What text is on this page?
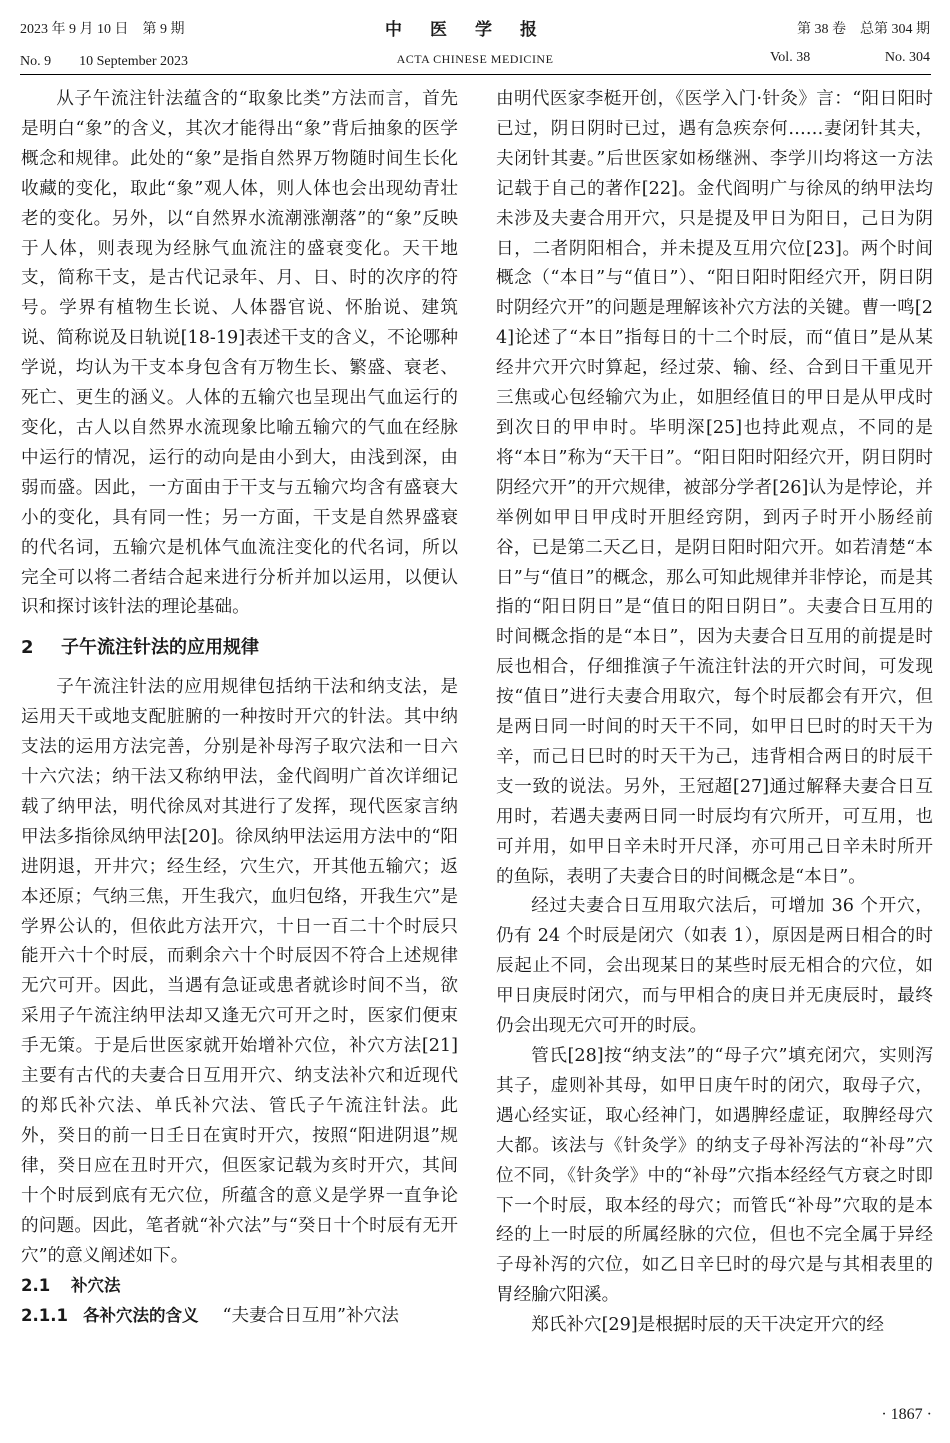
2023 年 9 月 10 日　第 9 期
No. 9　　10 September 2023
中医学报
ACTA CHINESE MEDICINE
第 38 卷　总第 304 期
Vol. 38	No. 304

从子午流注针法蕴含的“取象比类”方法而言，首先是明白“象”的含义，其次才能得出“象”背后抽象的医学概念和规律。此处的“象”是指自然界万物随时间生长化收藏的变化，取此“象”观人体，则人体也会出现幼青壮老的变化。另外，以“自然界水流潮涨潮落”的“象”反映于人体，则表现为经脉气血流注的盛衰变化。天干地支，简称干支，是古代记录年、月、日、时的次序的符号。学界有植物生长说、人体器官说、怀胎说、建筑说、简称说及日轨说[18-19]表述干支的含义，不论哪种学说，均认为干支本身包含有万物生长、繁盛、衰老、死亡、更生的涵义。人体的五输穴也呈现出气血运行的变化，古人以自然界水流现象比喻五输穴的气血在经脉中运行的情况，运行的动向是由小到大，由浅到深，由弱而盛。因此，一方面由于干支与五输穴均含有盛衰大小的变化，具有同一性；另一方面，干支是自然界盛衰的代名词，五输穴是机体气血流注变化的代名词，所以完全可以将二者结合起来进行分析并加以运用，以便认识和探讨该针法的理论基础。

2 子午流注针法的应用规律

子午流注针法的应用规律包括纳干法和纳支法，是运用天干或地支配脏腑的一种按时开穴的针法。其中纳支法的运用方法完善，分别是补母泻子取穴法和一日六十六穴法；纳干法又称纳甲法，金代阎明广首次详细记载了纳甲法，明代徐凤对其进行了发挥，现代医家言纳甲法多指徐凤纳甲法[20]。徐凤纳甲法运用方法中的“阳进阴退，开井穴；经生经，穴生穴，开其他五输穴；返本还原；气纳三焦，开生我穴，血归包络，开我生穴”是学界公认的，但依此方法开穴，十日一百二十个时辰只能开六十个时辰，而剩余六十个时辰因不符合上述规律无穴可开。因此，当遇有急证或患者就诊时间不当，欲采用子午流注纳甲法却又逢无穴可开之时，医家们便束手无策。于是后世医家就开始增补穴位，补穴方法[21]主要有古代的夫妻合日互用开穴、纳支法补穴和近现代的郑氏补穴法、单氏补穴法、管氏子午流注针法。此外，癸日的前一日壬日在寅时开穴，按照“阳进阴退”规律，癸日应在丑时开穴，但医家记载为亥时开穴，其间十个时辰到底有无穴位，所蕴含的意义是学界一直争论的问题。因此，笔者就“补穴法”与“癸日十个时辰有无开穴”的意义阐述如下。

2.1 补穴法
2.1.1 各补穴法的含义 “夫妻合日互用”补穴法

由明代医家李梃开创，《医学入门·针灸》言：“阳日阳时已过，阴日阴时已过，遇有急疾奈何……妻闭针其夫，夫闭针其妻。”后世医家如杨继洲、李学川均将这一方法记载于自己的著作[22]。金代阎明广与徐凤的纳甲法均未涉及夫妻合用开穴，只是提及甲日为阳日，己日为阴日，二者阴阳相合，并未提及互用穴位[23]。两个时间概念（“本日”与“值日”）、“阳日阳时阳经穴开，阴日阴时阴经穴开”的问题是理解该补穴方法的关键。曹一鸣[24]论述了“本日”指每日的十二个时辰，而“值日”是从某经井穴开穴时算起，经过荥、输、经、合到日干重见开三焦或心包经输穴为止，如胆经值日的甲日是从甲戌时到次日的甲申时。毕明深[25]也持此观点，不同的是将“本日”称为“天干日”。“阳日阳时阳经穴开，阴日阴时阴经穴开”的开穴规律，被部分学者[26]认为是悖论，并举例如甲日甲戌时开胆经窍阴，到丙子时开小肠经前谷，已是第二天乙日，是阴日阳时阳穴开。如若清楚“本日”与“值日”的概念，那么可知此规律并非悖论，而是其指的“阳日阴日”是“值日的阳日阴日”。夫妻合日互用的时间概念指的是“本日”，因为夫妻合日互用的前提是时辰也相合，仔细推演子午流注针法的开穴时间，可发现按“值日”进行夫妻合用取穴，每个时辰都会有开穴，但是两日同一时间的时天干不同，如甲日巳时的时天干为辛，而己日巳时的时天干为己，违背相合两日的时辰干支一致的说法。另外，王冠超[27]通过解释夫妻合日互用时，若遇夫妻两日同一时辰均有穴所开，可互用，也可并用，如甲日辛未时开尺泽，亦可用己日辛未时所开的鱼际，表明了夫妻合日的时间概念是“本日”。

经过夫妻合日互用取穴法后，可增加 36 个开穴，仍有 24 个时辰是闭穴（如表 1），原因是两日相合的时辰起止不同，会出现某日的某些时辰无相合的穴位，如甲日庚辰时闭穴，而与甲相合的庚日并无庚辰时，最终仍会出现无穴可开的时辰。

管氏[28]按“纳支法”的“母子穴”填充闭穴，实则泻其子，虚则补其母，如甲日庚午时的闭穴，取母子穴，遇心经实证，取心经神门，如遇脾经虚证，取脾经母穴大都。该法与《针灸学》的纳支子母补泻法的“补母”穴位不同，《针灸学》中的“补母”穴指本经经气方衰之时即下一个时辰，取本经的母穴；而管氏“补母”穴取的是本经的上一时辰的所属经脉的穴位，但也不完全属于异经子母补泻的穴位，如乙日辛巳时的母穴是与其相表里的胃经腧穴阳溪。

郑氏补穴[29]是根据时辰的天干决定开穴的经

· 1867 ·
